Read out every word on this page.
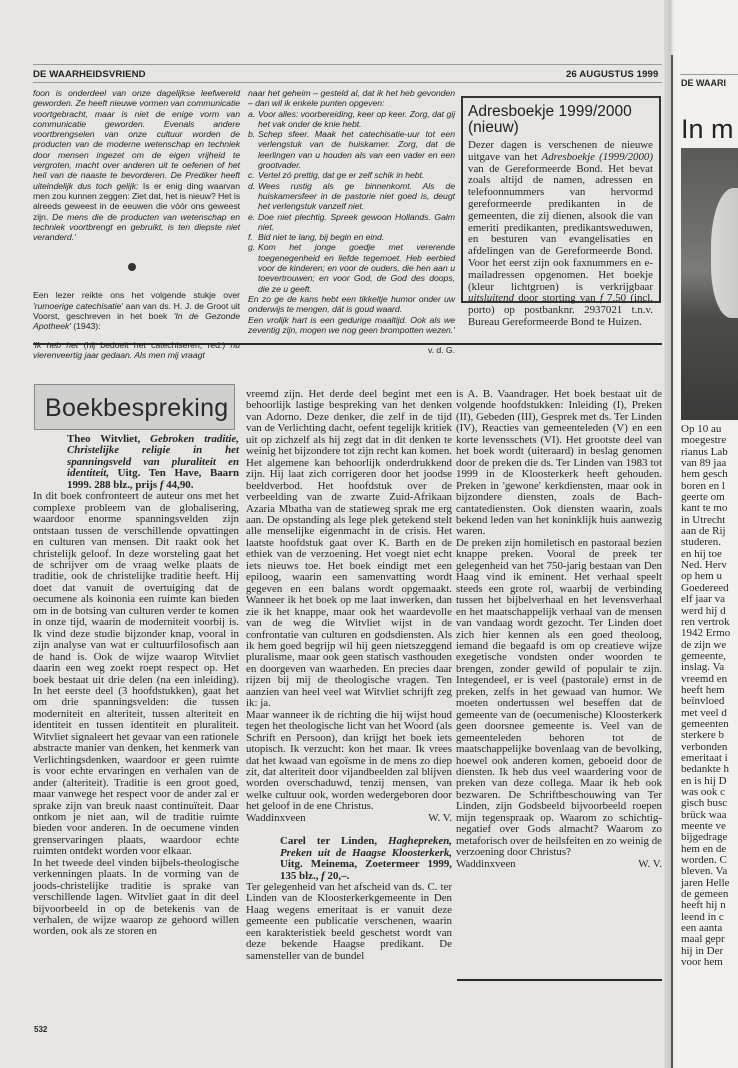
DE WAARHEIDSVRIEND	26 AUGUSTUS 1999

foon is onderdeel van onze dagelijkse leefwereld geworden. Ze heeft nieuwe vormen van communicatie voortgebracht, maar is niet de enige vorm van communicatie geworden. Evenals andere voortbrengselen van onze cultuur worden de producten van de moderne wetenschap en techniek door mensen ingezet om de eigen vrijheid te vergroten, macht over anderen uit te oefenen of het heil van de naaste te bevorderen. De Prediker heeft uiteindelijk dus toch gelijk: Is er enig ding waarvan men zou kunnen zeggen: Ziet dat, het is nieuw? Het is alreeds geweest in de eeuwen die vóór ons geweest zijn. De mens die de producten van wetenschap en techniek voortbrengt en gebruikt, is ten diepste niet veranderd.'

Een lezer reikte ons het volgende stukje over 'rumoerige catechisatie' aan van ds. H. J. de Groot uit Voorst, geschreven in het boek 'In de Gezonde Apotheek' (1943):

vierenveertig jaar gedaan. Als men mij vraagt

naar het geheim – gesteld al, dat ik het heb gevonden – dan wil ik enkele punten opgeven:

a. Voor alles: voorbereiding, keer op keer. Zorg, dat gij het vak onder de knie hebt.
b. Schep sfeer. Maak het catechisatie-uur tot een verlengstuk van de huiskamer. Zorg, dat de leerlingen van u houden als van een vader en een grootvader.
c. Vertel zó prettig, dat ge er zelf schik in hebt.
d. Wees rustig als ge binnenkomt. Als de huiskamersfeer in de pastorie niet goed is, deugt het verlengstuk vanzelf niet.
e. Doe niet plechtig. Spreek gewoon Hollands. Galm niet.
f. Bid niet te lang, bij begin en eind.
g. Kom het jonge goedje met vererende toegenegenheid en liefde tegemoet. Heb eerbied voor de kinderen; en voor de ouders, die hen aan u toevertrouwen; en voor God, de God des doops, die ze u geeft.

En zo ge de kans hebt een tikkeltje humor onder uw onderwijs te mengen, dát is goud waard.

Een vrolijk hart is een gedurige maaltijd. Ook als we zeventig zijn, mogen we nog geen brompotten wezen.'

v. d. G.

Adresboekje 1999/2000 (nieuw)
Dezer dagen is verschenen de nieuwe uitgave van het Adresboekje (1999/2000) van de Gereformeerde Bond. Het bevat zoals altijd de namen, adressen en telefoonnummers van hervormd gereformeerde predikanten in de gemeenten, die zij dienen, alsook die van emeriti predikanten, predikantsweduwen, en besturen van evangelisaties en afdelingen van de Gereformeerde Bond. Voor het eerst zijn ook faxnummers en e-mailadressen opgenomen. Het boekje (kleur lichtgroen) is verkrijgbaar uitsluitend door storting van f 7,50 (incl. porto) op postbanknr. 2937021 t.n.v. Bureau Gereformeerde Bond te Huizen.
Boekbespreking

Theo Witvliet, Gebroken traditie, Christelijke religie in het spanningsveld van pluraliteit en identiteit, Uitg. Ten Have, Baarn 1999. 288 blz., prijs f 44,90.

In dit boek confronteert de auteur ons met het complexe probleem van de globalisering, waardoor enorme spanningsvelden zijn ontstaan tussen de verschillende opvattingen en culturen van mensen. Dit raakt ook het christelijk geloof. In deze worsteling gaat het de schrijver om de vraag welke plaats de traditie, ook de christelijke traditie heeft. Hij doet dat vanuit de overtuiging dat de oecumene als koinonia een ruimte kan bieden om in de botsing van culturen verder te komen in onze tijd, waarin de moderniteit voorbij is. Ik vind deze studie bijzonder knap, vooral in zijn analyse van wat er cultuurfilosofisch aan de hand is. Ook de wijze waarop Witvliet daarin een weg zoekt roept respect op. Het boek bestaat uit drie delen (na een inleiding). In het eerste deel (3 hoofdstukken), gaat het om drie spanningsvelden: die tussen moderniteit en alteriteit, tussen alteriteit en identiteit en tussen identiteit en pluraliteit. Witvliet signaleert het gevaar van een rationele abstracte manier van denken, het kenmerk van Verlichtingsdenken, waardoor er geen ruimte is voor echte ervaringen en verhalen van de ander (alteriteit). Traditie is een groot goed, maar vanwege het respect voor de ander zal er sprake zijn van breuk naast continuïteit. Daar ontkom je niet aan, wil de traditie ruimte bieden voor anderen. In de oecumene vinden grenservaringen plaats, waardoor echte ruimten ontdekt worden voor elkaar.

In het tweede deel vinden bijbels-theologische verkenningen plaats. In de vorming van de joods-christelijke traditie is sprake van verschillende lagen. Witvliet gaat in dit deel bijvoorbeeld in op de betekenis van de verhalen, de wijze waarop ze gehoord willen worden, ook als ze storen en

vreemd zijn. Het derde deel begint met een behoorlijk lastige bespreking van het denken van Adorno. Deze denker, die zelf in de tijd van de Verlichting dacht, oefent tegelijk kritiek uit op zichzelf als hij zegt dat in dit denken te weinig het bijzondere tot zijn recht kan komen. Het algemene kan behoorlijk onderdrukkend zijn. Hij laat zich corrigeren door het joodse beeldverbod. Het hoofdstuk over de verbeelding van de zwarte Zuid-Afrikaan Azaria Mbatha van de statieweg sprak me erg aan. De opstanding als lege plek getekend stelt alle menselijke eigenmacht in de crisis. Het laatste hoofdstuk gaat over K. Barth en de ethiek van de verzoening. Het voegt niet echt iets nieuws toe. Het boek eindigt met een epiloog, waarin een samenvatting wordt gegeven en een balans wordt opgemaakt. Wanneer ik het boek op me laat inwerken, dan zie ik het knappe, maar ook het waardevolle van de weg die Witvliet wijst in de confrontatie van culturen en godsdiensten. Als ik hem goed begrijp wil hij geen nietszeggend pluralisme, maar ook geen statisch vasthouden en doorgeven van waarheden. En precies daar rijzen bij mij de theologische vragen. Ten aanzien van heel veel wat Witvliet schrijft zeg ik: ja.

Maar wanneer ik de richting die hij wijst houd tegen het theologische licht van het Woord (als Schrift en Persoon), dan krijgt het boek iets utopisch. Ik verzucht: kon het maar. Ik vrees dat het kwaad van egoïsme in de mens zo diep zit, dat alteriteit door vijandbeelden zal blijven worden overschaduwd, tenzij mensen, van welke cultuur ook, worden wedergeboren door het geloof in de ene Christus.

Waddinxveen	W. V.

Carel ter Linden, Haghepreken, Preken uit de Haagse Kloosterkerk, Uitg. Meinema, Zoetermeer 1999, 135 blz., f 20,–.

Ter gelegenheid van het afscheid van ds. C. ter Linden van de Kloosterkerkgemeente in Den Haag wegens emeritaat is er vanuit deze gemeente een publicatie verschenen, waarin een karakteristiek beeld geschetst wordt van deze bekende Haagse predikant. De samensteller van de bundel

is A. B. Vaandrager. Het boek bestaat uit de volgende hoofdstukken: Inleiding (I), Preken (II), Gebeden (III), Gesprek met ds. Ter Linden (IV), Reacties van gemeenteleden (V) en een korte levensschets (VI). Het grootste deel van het boek wordt (uiteraard) in beslag genomen door de preken die ds. Ter Linden van 1983 tot 1999 in de Kloosterkerk heeft gehouden. Preken in 'gewone' kerkdiensten, maar ook in bijzondere diensten, zoals de Bach-cantatediensten. Ook diensten waarin, zoals bekend leden van het koninklijk huis aanwezig waren.

De preken zijn homiletisch en pastoraal bezien knappe preken. Vooral de preek ter gelegenheid van het 750-jarig bestaan van Den Haag vind ik eminent. Het verhaal speelt steeds een grote rol, waarbij de verbinding tussen het bijbelverhaal en het levensverhaal en het maatschappelijk verhaal van de mensen van vandaag wordt gezocht. Ter Linden doet zich hier kennen als een goed theoloog, iemand die begaafd is om op creatieve wijze exegetische vondsten onder woorden te brengen, zonder gewild of populair te zijn. Integendeel, er is veel (pastorale) ernst in de preken, zelfs in het gewaad van humor. We moeten ondertussen wel beseffen dat de gemeente van de (oecumenische) Kloosterkerk geen doorsnee gemeente is. Veel van de gemeenteleden behoren tot de maatschappelijke bovenlaag van de bevolking, hoewel ook anderen komen, geboeid door de diensten. Ik heb dus veel waardering voor de preken van deze collega. Maar ik heb ook bezwaren. De Schriftbeschouwing van Ter Linden, zijn Godsbeeld bijvoorbeeld roepen mijn tegenspraak op. Waarom zo schichtig-negatief over Gods almacht? Waarom zo metaforisch over de heilsfeiten en zo weinig de verzoening door Christus?

Waddinxveen	W. V.
532
DE WAARI
In m
Op 10 au
moegestre
rianus Lab
van 89 jaa
hem gesch
boren en l
geerte om
kant te mo
in Utrecht
aan de Rij
studeren.
en hij toe
Ned. Herv
op hem u
Goedereed
elf jaar va
werd hij d
ren vertrok
1942 Ermo
de zijn we
gemeente,
inslag. Va
vreemd en
heeft hem
beïnvloed
met veel d
gemeenten
sterkere b
verbonden
emeritaat i
bedankte h
en is hij D
was ook c
gisch busc
brück waa
meente ve
bijgedrage
hem en de
worden. C
bleven. Va
jaren Helle
de gemeen
heeft hij n
leend in c
een aanta
maal gepr
hij in Der
voor hem
